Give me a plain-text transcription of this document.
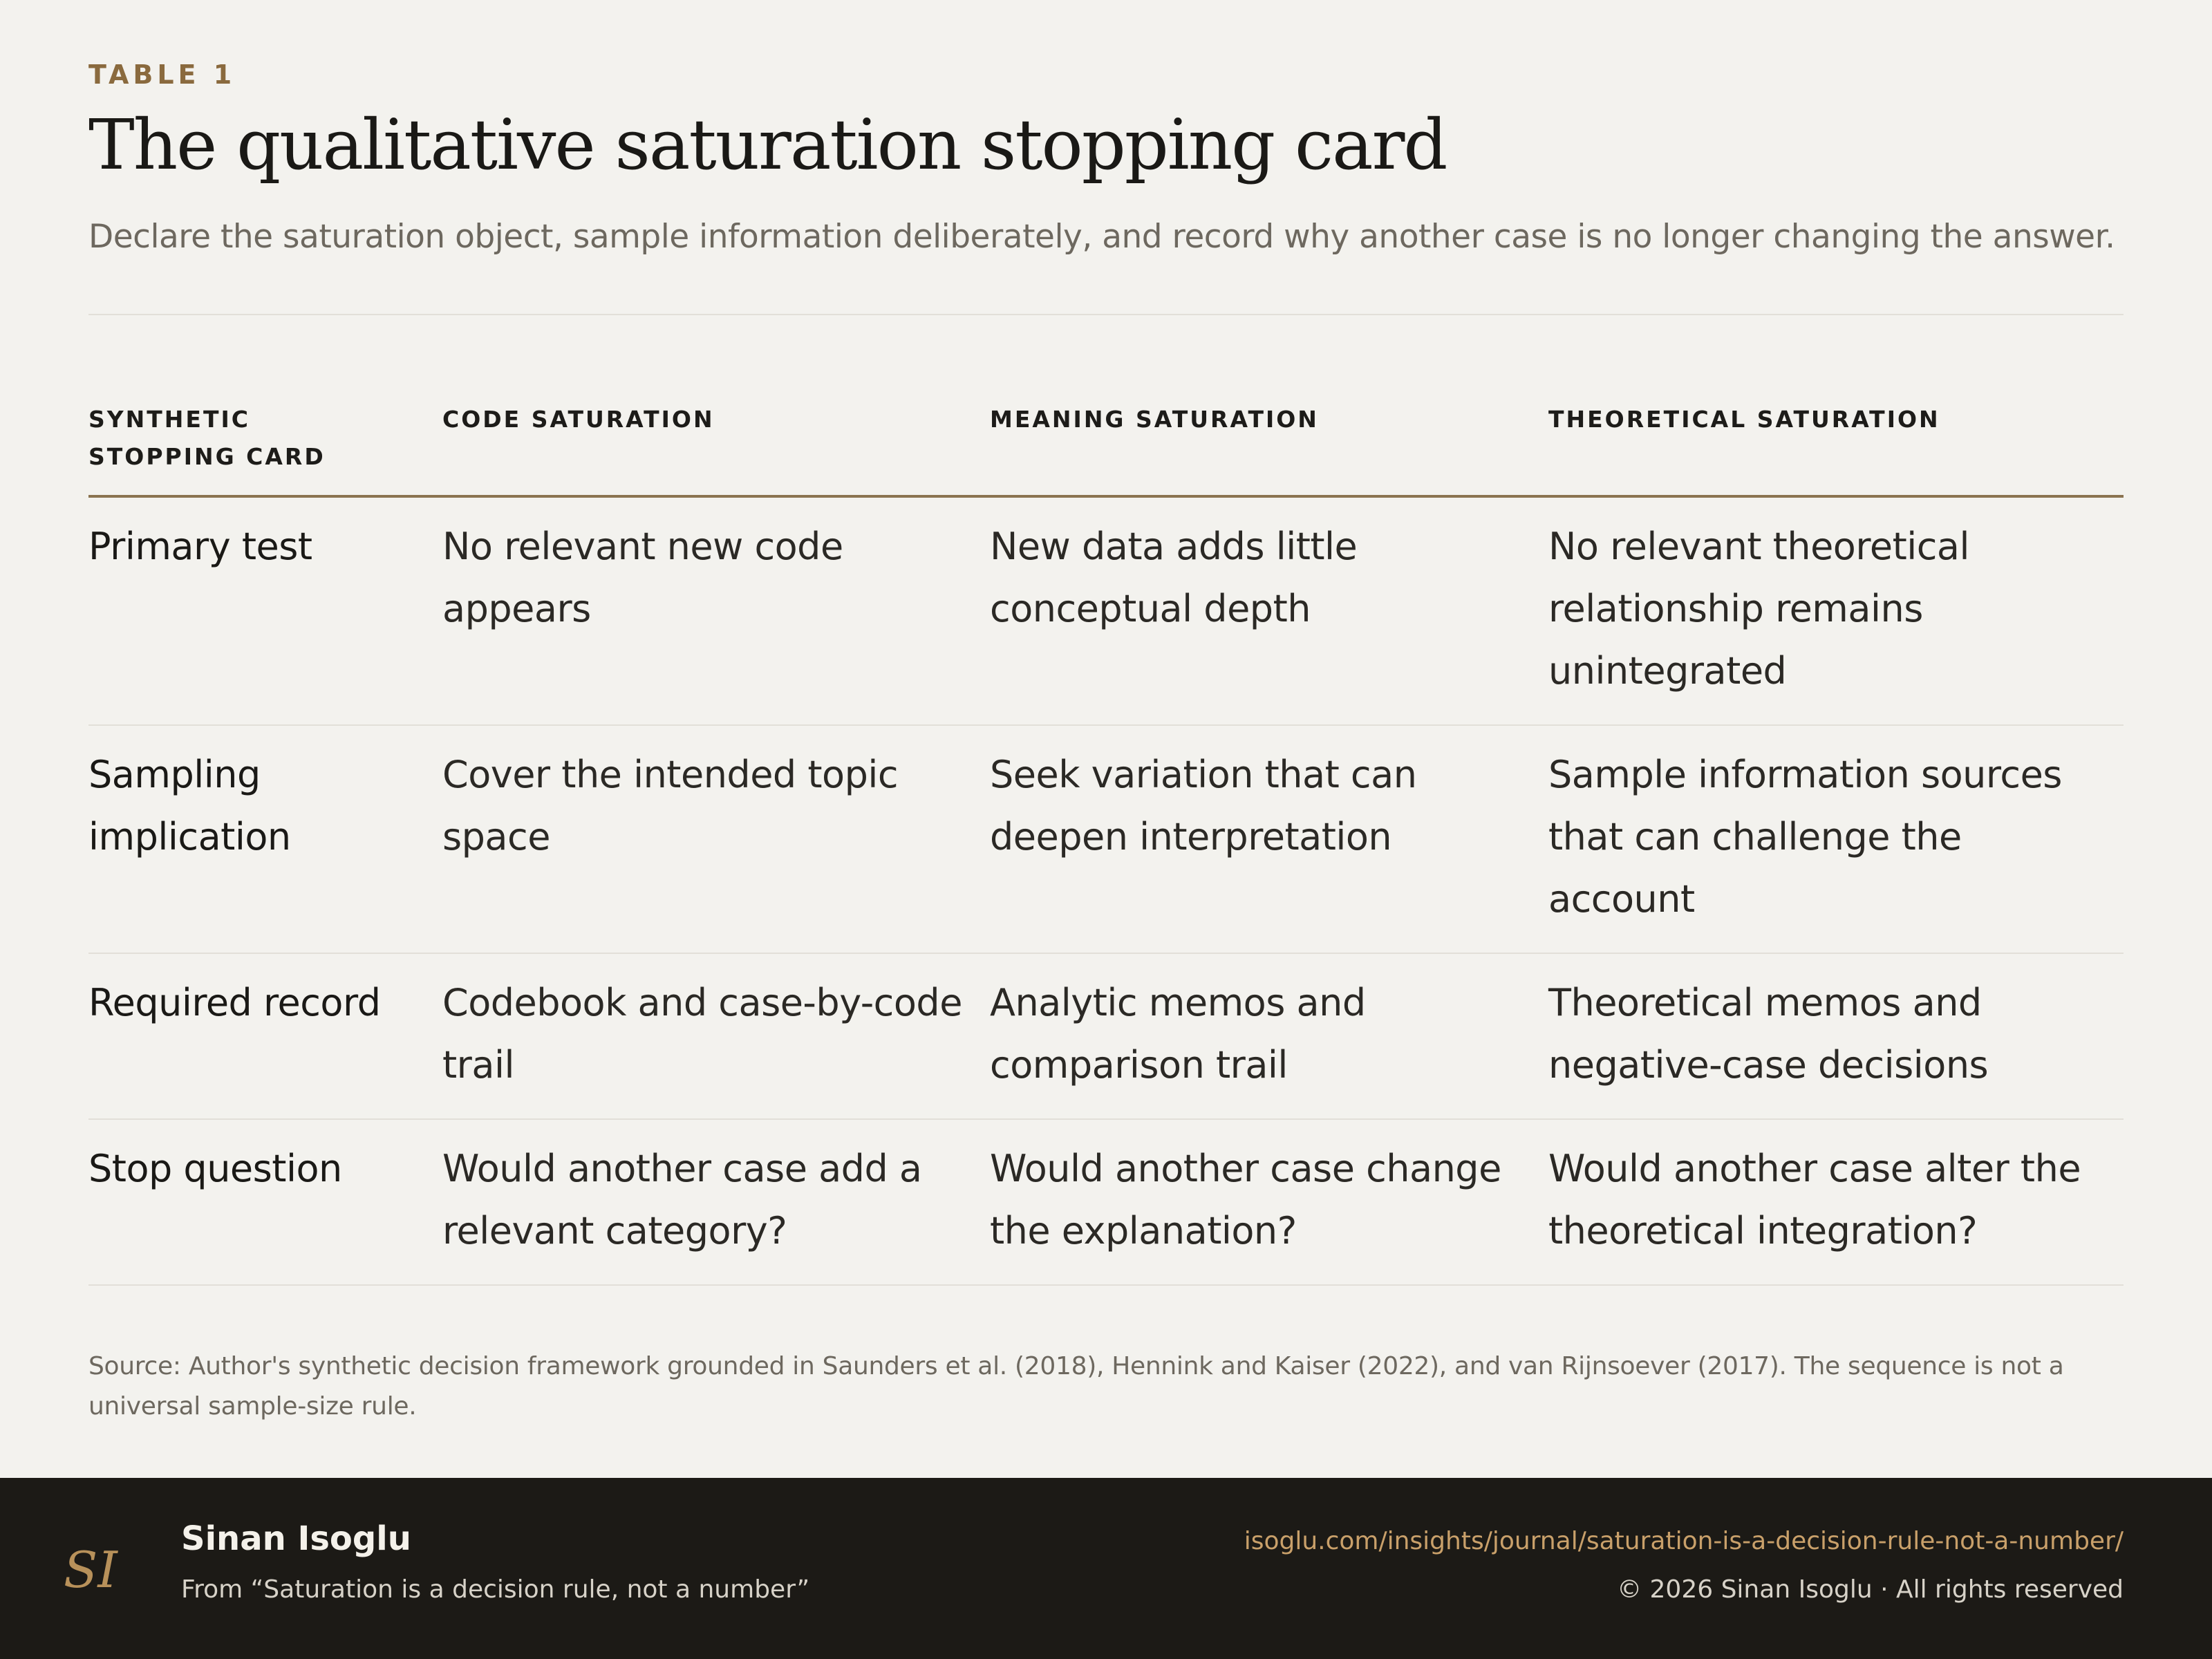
TABLE 1
The qualitative saturation stopping card
Declare the saturation object, sample information deliberately, and record why another case is no longer changing the answer.
SYNTHETIC STOPPING CARD	CODE SATURATION	MEANING SATURATION	THEORETICAL SATURATION
Primary test	No relevant new code appears	New data adds little conceptual depth	No relevant theoretical relationship remains unintegrated
Sampling implication	Cover the intended topic space	Seek variation that can deepen interpretation	Sample information sources that can challenge the account
Required record	Codebook and case-by-code trail	Analytic memos and comparison trail	Theoretical memos and negative-case decisions
Stop question	Would another case add a relevant category?	Would another case change the explanation?	Would another case alter the theoretical integration?
Source: Author's synthetic decision framework grounded in Saunders et al. (2018), Hennink and Kaiser (2022), and van Rijnsoever (2017). The sequence is not a universal sample-size rule.
SI
Sinan Isoglu
From “Saturation is a decision rule, not a number”
isoglu.com/insights/journal/saturation-is-a-decision-rule-not-a-number/
© 2026 Sinan Isoglu · All rights reserved
